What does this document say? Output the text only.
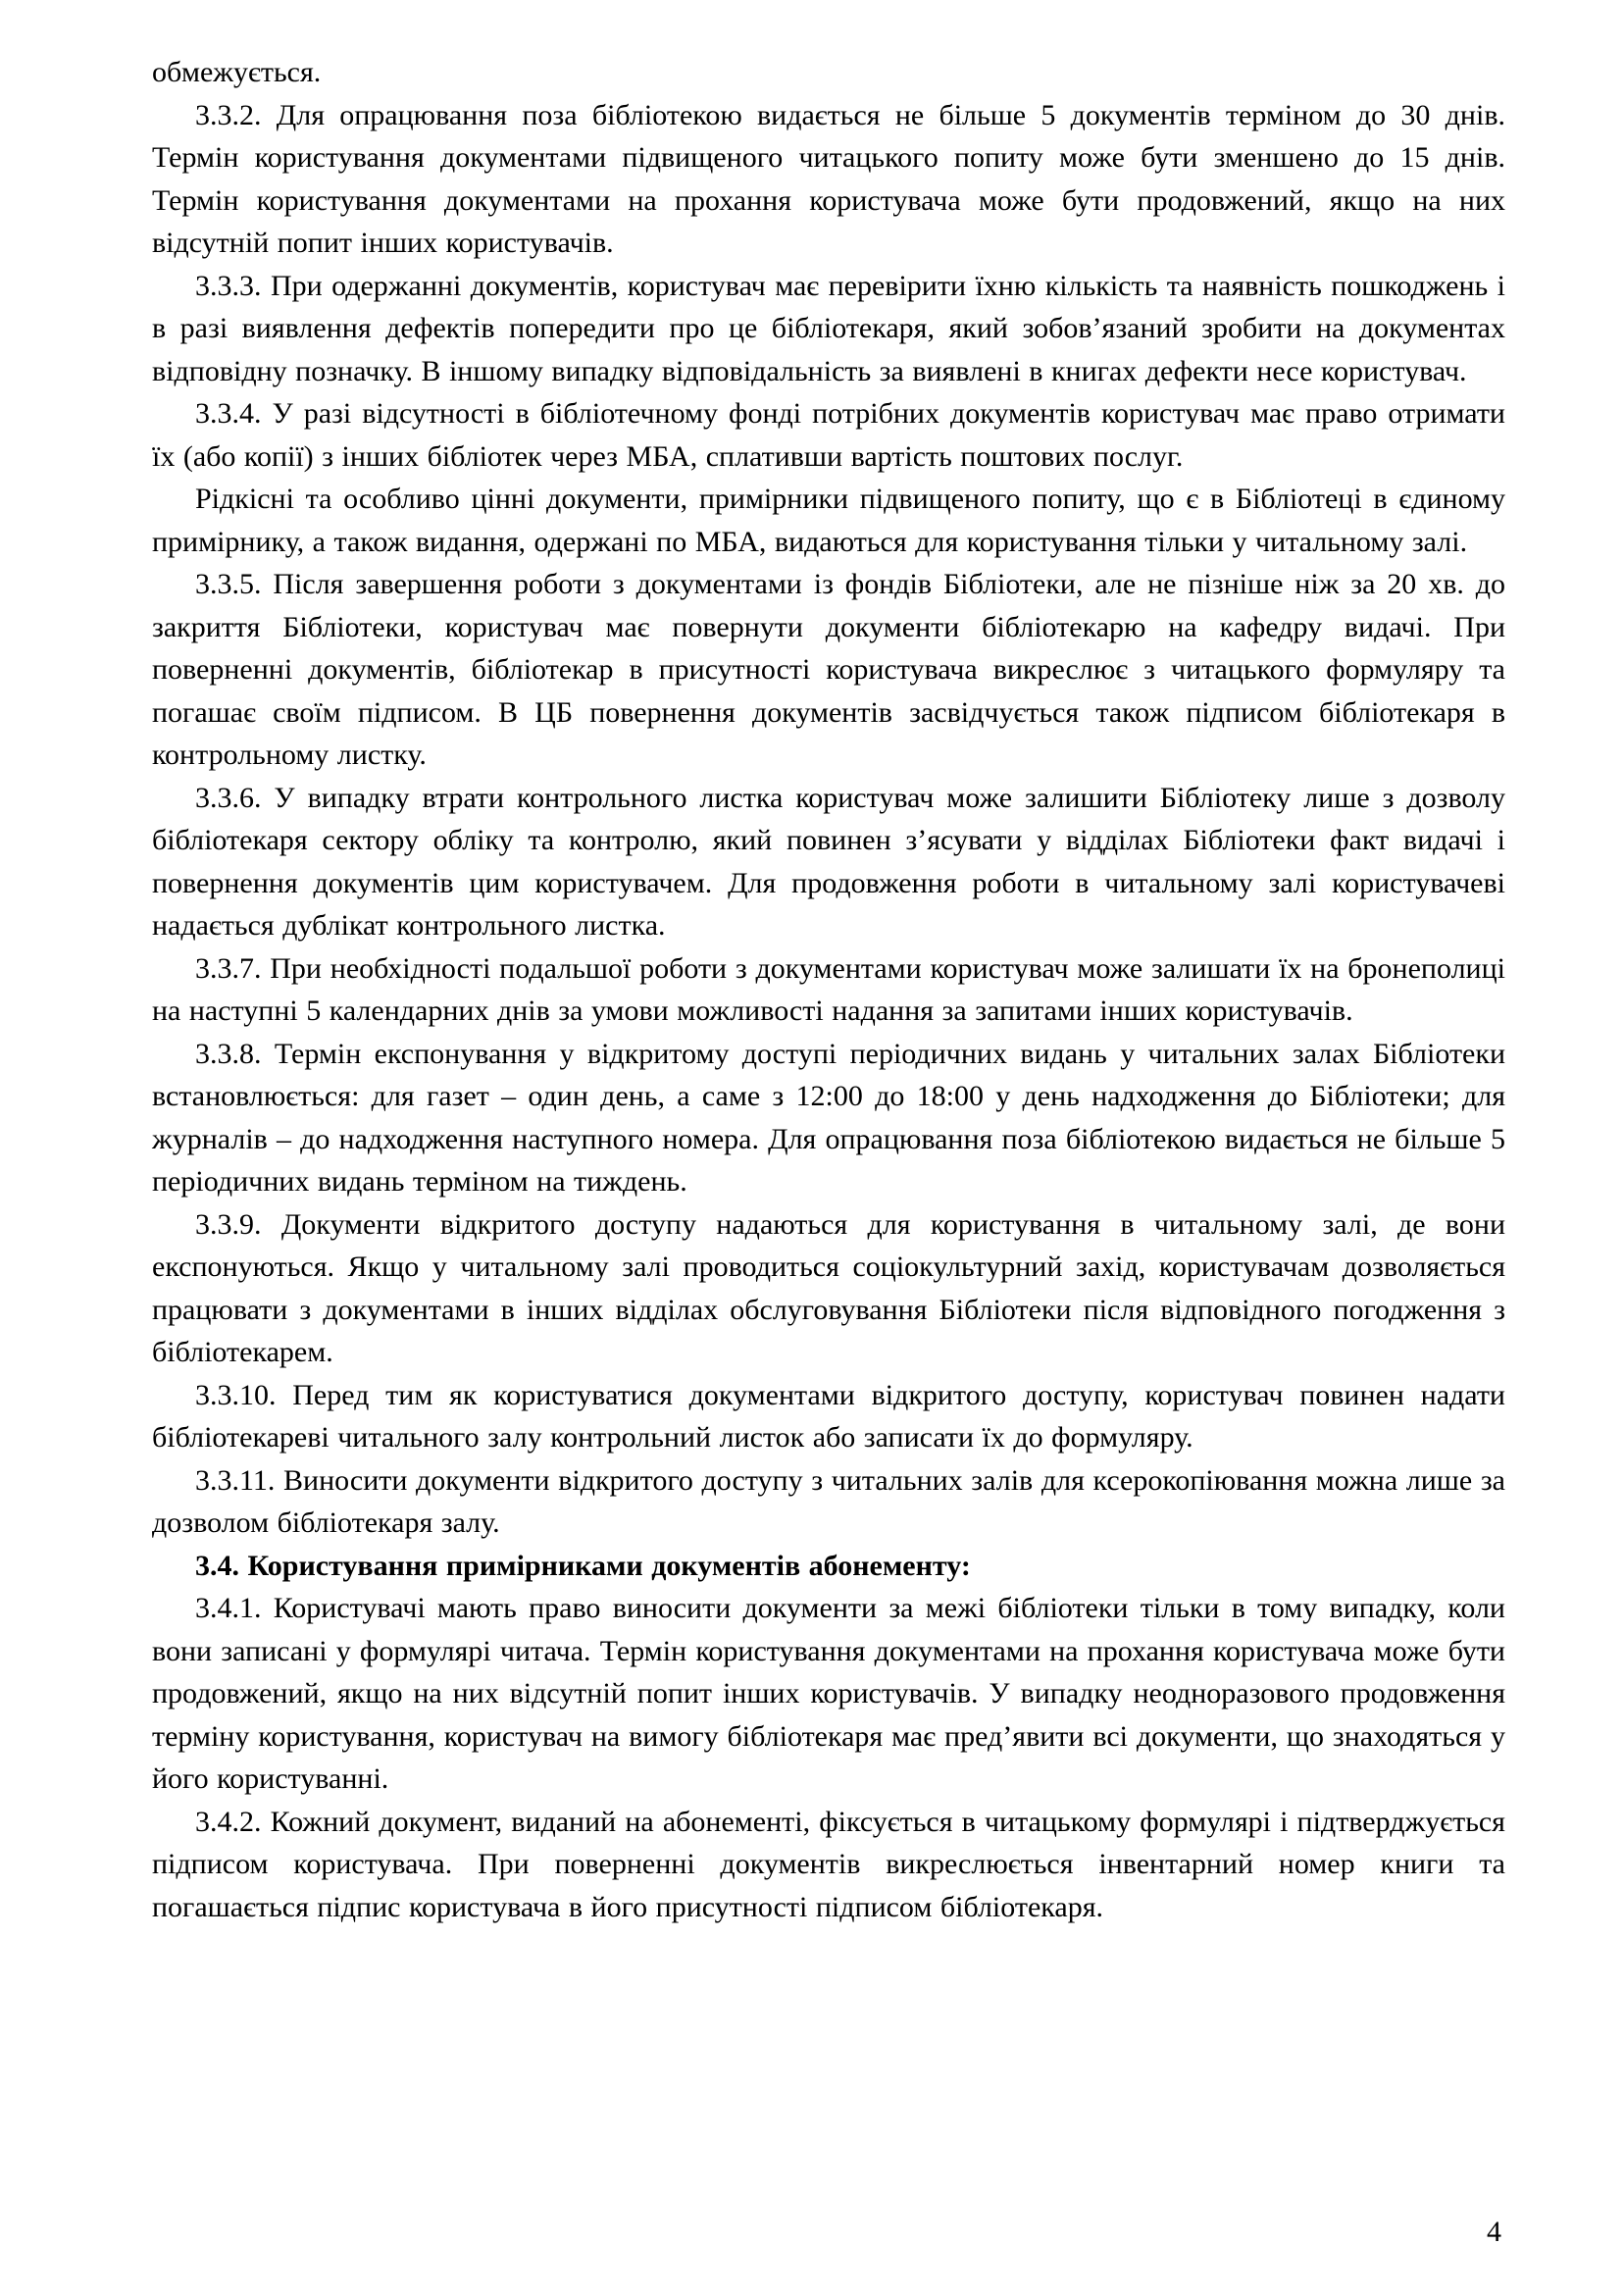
обмежується.

3.3.2. Для опрацювання поза бібліотекою видається не більше 5 документів терміном до 30 днів. Термін користування документами підвищеного читацького попиту може бути зменшено до 15 днів. Термін користування документами на прохання користувача може бути продовжений, якщо на них відсутній попит інших користувачів.

3.3.3. При одержанні документів, користувач має перевірити їхню кількість та наявність пошкоджень і в разі виявлення дефектів попередити про це бібліотекаря, який зобов’язаний зробити на документах відповідну позначку. В іншому випадку відповідальність за виявлені в книгах дефекти несе користувач.

3.3.4. У разі відсутності в бібліотечному фонді потрібних документів користувач має право отримати їх (або копії) з інших бібліотек через МБА, сплативши вартість поштових послуг.

Рідкісні та особливо цінні документи, примірники підвищеного попиту, що є в Бібліотеці в єдиному примірнику, а також видання, одержані по МБА, видаються для користування тільки у читальному залі.

3.3.5. Після завершення роботи з документами із фондів Бібліотеки, але не пізніше ніж за 20 хв. до закриття Бібліотеки, користувач має повернути документи бібліотекарю на кафедру видачі. При поверненні документів, бібліотекар в присутності користувача викреслює з читацького формуляру та погашає своїм підписом. В ЦБ повернення документів засвідчується також підписом бібліотекаря в контрольному листку.

3.3.6. У випадку втрати контрольного листка користувач може залишити Бібліотеку лише з дозволу бібліотекаря сектору обліку та контролю, який повинен з’ясувати у відділах Бібліотеки факт видачі і повернення документів цим користувачем. Для продовження роботи в читальному залі користувачеві надається дублікат контрольного листка.

3.3.7. При необхідності подальшої роботи з документами користувач може залишати їх на бронеполиці на наступні 5 календарних днів за умови можливості надання за запитами інших користувачів.

3.3.8. Термін експонування у відкритому доступі періодичних видань у читальних залах Бібліотеки встановлюється: для газет – один день, а саме з 12:00 до 18:00 у день надходження до Бібліотеки; для журналів – до надходження наступного номера. Для опрацювання поза бібліотекою видається не більше 5 періодичних видань терміном на тиждень.

3.3.9. Документи відкритого доступу надаються для користування в читальному залі, де вони експонуються. Якщо у читальному залі проводиться соціокультурний захід, користувачам дозволяється працювати з документами в інших відділах обслуговування Бібліотеки після відповідного погодження з бібліотекарем.

3.3.10. Перед тим як користуватися документами відкритого доступу, користувач повинен надати бібліотекареві читального залу контрольний листок або записати їх до формуляру.

3.3.11. Виносити документи відкритого доступу з читальних залів для ксерокопіювання можна лише за дозволом бібліотекаря залу.

3.4. Користування примірниками документів абонементу:

3.4.1. Користувачі мають право виносити документи за межі бібліотеки тільки в тому випадку, коли вони записані у формулярі читача. Термін користування документами на прохання користувача може бути продовжений, якщо на них відсутній попит інших користувачів. У випадку неодноразового продовження терміну користування, користувач на вимогу бібліотекаря має пред’явити всі документи, що знаходяться у його користуванні.

3.4.2. Кожний документ, виданий на абонементі, фіксується в читацькому формулярі і підтверджується підписом користувача. При поверненні документів викреслюється інвентарний номер книги та погашається підпис користувача в його присутності підписом бібліотекаря.

4
